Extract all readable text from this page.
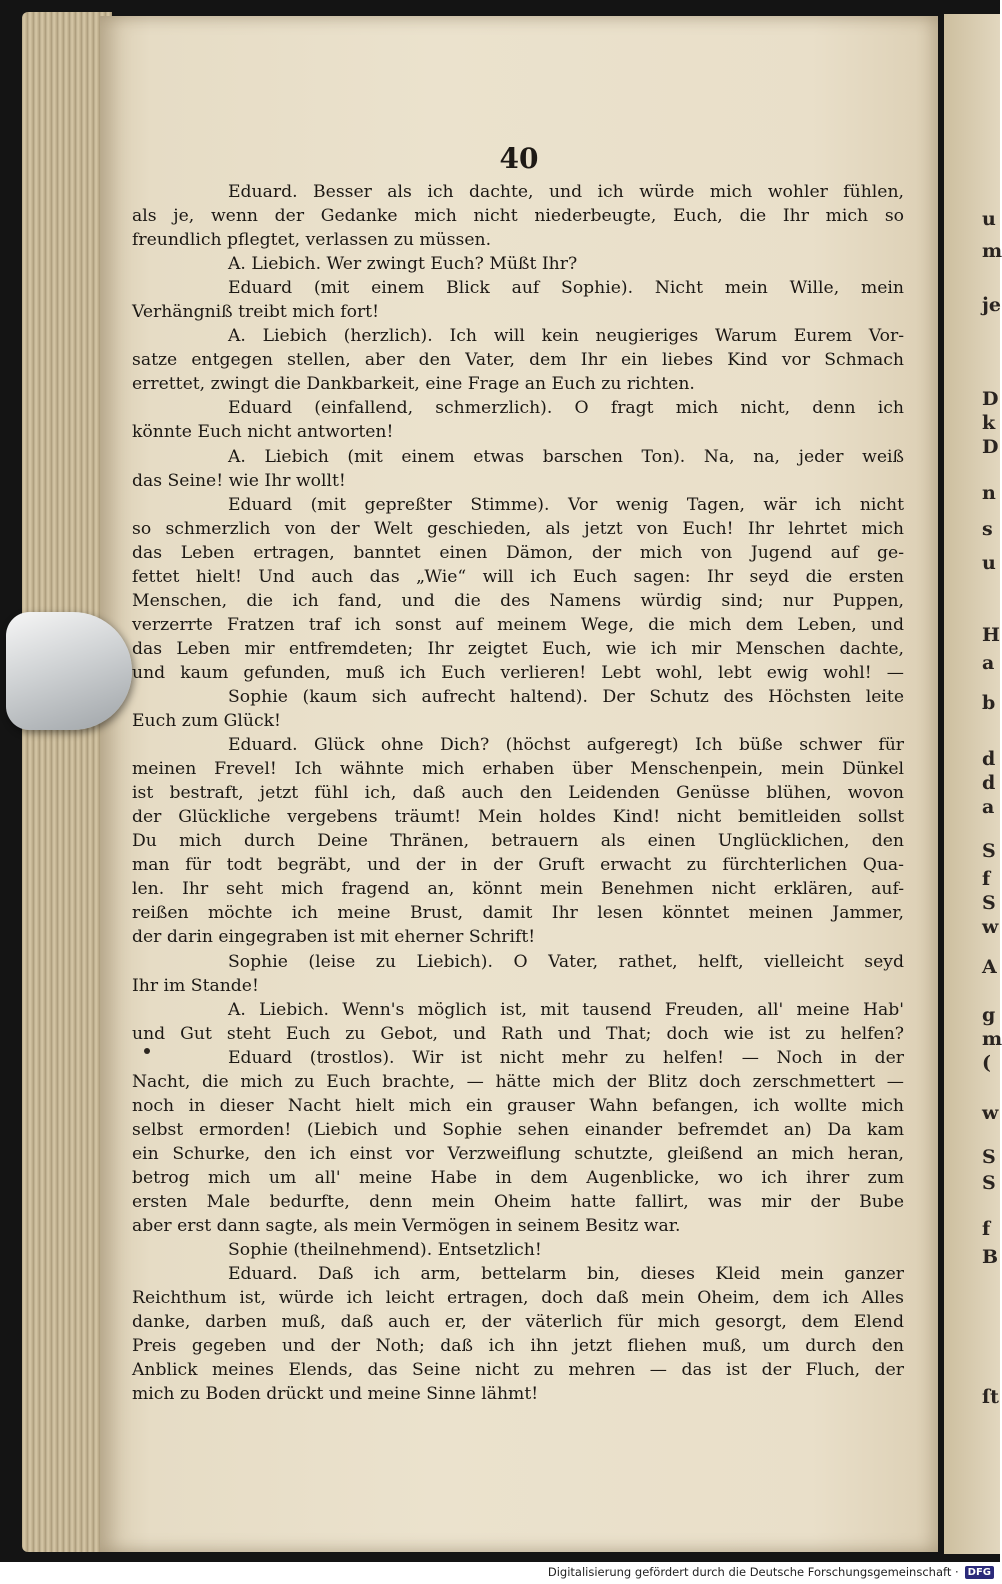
40
Eduard. Besser als ich dachte, und ich würde mich wohler fühlen,
als je, wenn der Gedanke mich nicht niederbeugte, Euch, die Ihr mich so
freundlich pflegtet, verlassen zu müssen.
A. Liebich. Wer zwingt Euch? Müßt Ihr?
Eduard (mit einem Blick auf Sophie). Nicht mein Wille, mein
Verhängniß treibt mich fort!
A. Liebich (herzlich). Ich will kein neugieriges Warum Eurem Vor-
satze entgegen stellen, aber den Vater, dem Ihr ein liebes Kind vor Schmach
errettet, zwingt die Dankbarkeit, eine Frage an Euch zu richten.
Eduard (einfallend, schmerzlich). O fragt mich nicht, denn ich
könnte Euch nicht antworten!
A. Liebich (mit einem etwas barschen Ton). Na, na, jeder weiß
das Seine! wie Ihr wollt!
Eduard (mit gepreßter Stimme). Vor wenig Tagen, wär ich nicht
so schmerzlich von der Welt geschieden, als jetzt von Euch! Ihr lehrtet mich
das Leben ertragen, banntet einen Dämon, der mich von Jugend auf ge-
fettet hielt! Und auch das „Wie“ will ich Euch sagen: Ihr seyd die ersten
Menschen, die ich fand, und die des Namens würdig sind; nur Puppen,
verzerrte Fratzen traf ich sonst auf meinem Wege, die mich dem Leben, und
das Leben mir entfremdeten; Ihr zeigtet Euch, wie ich mir Menschen dachte,
und kaum gefunden, muß ich Euch verlieren! Lebt wohl, lebt ewig wohl! —
Sophie (kaum sich aufrecht haltend). Der Schutz des Höchsten leite
Euch zum Glück!
Eduard. Glück ohne Dich? (höchst aufgeregt) Ich büße schwer für
meinen Frevel! Ich wähnte mich erhaben über Menschenpein, mein Dünkel
ist bestraft, jetzt fühl ich, daß auch den Leidenden Genüsse blühen, wovon
der Glückliche vergebens träumt! Mein holdes Kind! nicht bemitleiden sollst
Du mich durch Deine Thränen, betrauern als einen Unglücklichen, den
man für todt begräbt, und der in der Gruft erwacht zu fürchterlichen Qua-
len. Ihr seht mich fragend an, könnt mein Benehmen nicht erklären, auf-
reißen möchte ich meine Brust, damit Ihr lesen könntet meinen Jammer,
der darin eingegraben ist mit eherner Schrift!
Sophie (leise zu Liebich). O Vater, rathet, helft, vielleicht seyd
Ihr im Stande!
A. Liebich. Wenn's möglich ist, mit tausend Freuden, all' meine Hab'
und Gut steht Euch zu Gebot, und Rath und That; doch wie ist zu helfen?
Eduard (trostlos). Wir ist nicht mehr zu helfen! — Noch in der
Nacht, die mich zu Euch brachte, — hätte mich der Blitz doch zerschmettert —
noch in dieser Nacht hielt mich ein grauser Wahn befangen, ich wollte mich
selbst ermorden! (Liebich und Sophie sehen einander befremdet an) Da kam
ein Schurke, den ich einst vor Verzweiflung schutzte, gleißend an mich heran,
betrog mich um all' meine Habe in dem Augenblicke, wo ich ihrer zum
ersten Male bedurfte, denn mein Oheim hatte fallirt, was mir der Bube
aber erst dann sagte, als mein Vermögen in seinem Besitz war.
Sophie (theilnehmend). Entsetzlich!
Eduard. Daß ich arm, bettelarm bin, dieses Kleid mein ganzer
Reichthum ist, würde ich leicht ertragen, doch daß mein Oheim, dem ich Alles
danke, darben muß, daß auch er, der väterlich für mich gesorgt, dem Elend
Preis gegeben und der Noth; daß ich ihn jetzt fliehen muß, um durch den
Anblick meines Elends, das Seine nicht zu mehren — das ist der Fluch, der
mich zu Boden drückt und meine Sinne lähmt!
u
m
je
D
k
D
n
s
u
H
a
b
d
d
a
S
f
S
w
A
g
m
(
w
S
S
f
B
ſt
Digitalisierung gefördert durch die Deutsche Forschungsgemeinschaft · DFG
